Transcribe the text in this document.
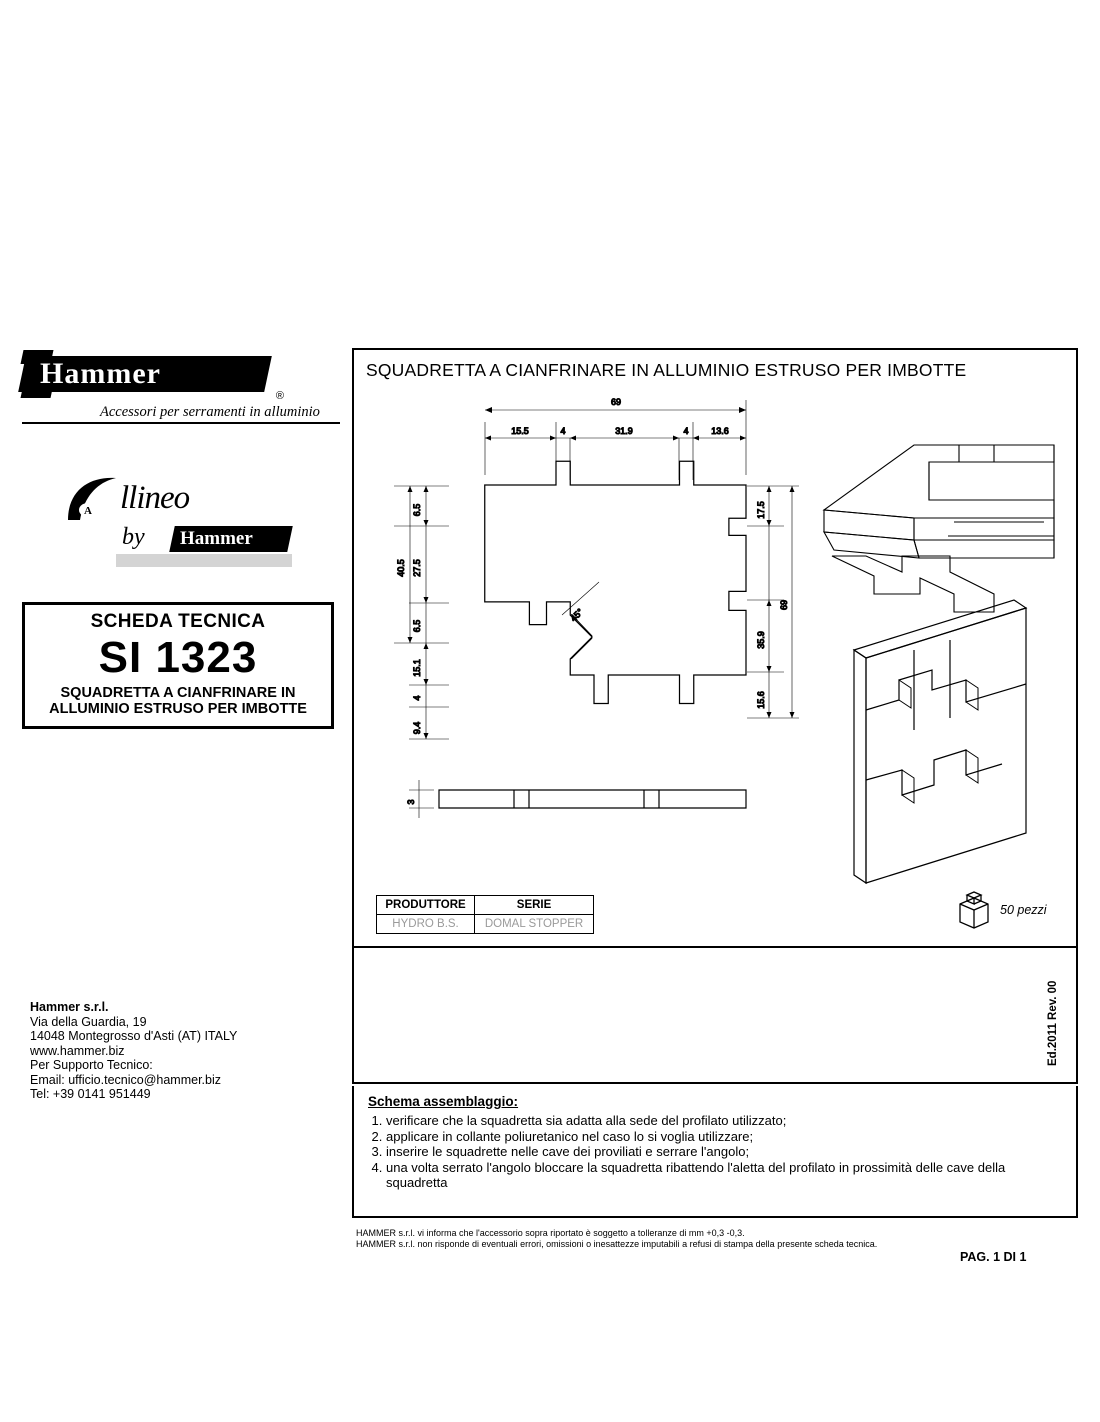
Hammer
®
Accessori per serramenti in alluminio
A llineo
by Hammer
SCHEDA TECNICA
SI 1323
SQUADRETTA A CIANFRINARE IN ALLUMINIO ESTRUSO PER IMBOTTE
Hammer s.r.l.
Via della Guardia, 19
14048 Montegrosso d'Asti (AT) ITALY
www.hammer.biz
Per Supporto Tecnico:
Email: ufficio.tecnico@hammer.biz
Tel: +39 0141 951449
SQUADRETTA A CIANFRINARE IN ALLUMINIO ESTRUSO PER IMBOTTE
69
15.5	4	31.9	4	13.6
6.5
40.5 27.5
6.5
15.1
4
9.4
17.5
35.9
15.6
69
45°
3
PRODUTTORE	SERIE
HYDRO B.S.	DOMAL STOPPER
50 pezzi
Schema assemblaggio:
1. verificare che la squadretta sia adatta alla sede del profilato utilizzato;
2. applicare in collante poliuretanico nel caso lo si voglia utilizzare;
3. inserire le squadrette nelle cave dei proviliati e serrare l'angolo;
4. una volta serrato l'angolo bloccare la squadretta ribattendo l'aletta del profilato in prossimità delle cave della squadretta
Ed.2011 Rev. 00
HAMMER s.r.l. vi informa che l'accessorio sopra riportato è soggetto a tolleranze di mm +0,3 -0,3.
HAMMER s.r.l. non risponde di eventuali errori, omissioni o inesattezze imputabili a refusi di stampa della presente scheda tecnica.
PAG. 1 DI 1
